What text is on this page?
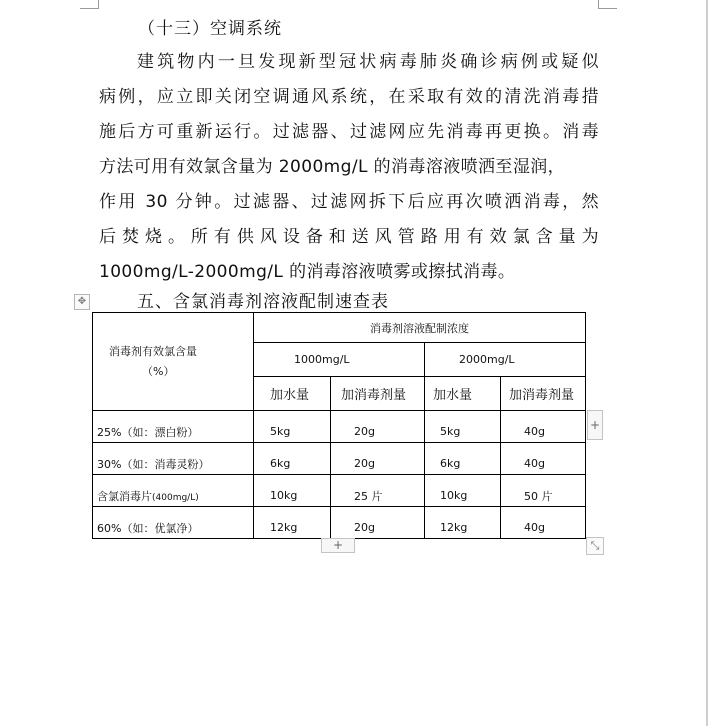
（十三）空调系统
建筑物内一旦发现新型冠状病毒肺炎确诊病例或疑似
病例，应立即关闭空调通风系统，在采取有效的清洗消毒措
施后方可重新运行。过滤器、过滤网应先消毒再更换。消毒
方法可用有效氯含量为 2000mg/L 的消毒溶液喷洒至湿润，
作用 30 分钟。过滤器、过滤网拆下后应再次喷洒消毒，然
后焚烧。所有供风设备和送风管路用有效氯含量为
1000mg/L-2000mg/L 的消毒溶液喷雾或擦拭消毒。
✥	五、含氯消毒剂溶液配制速查表
消毒剂有效氯含量
（%）	消毒剂溶液配制浓度			
	1000mg/L		2000mg/L	
	加水量	加消毒剂量	加水量	加消毒剂量
25%（如：漂白粉）	5kg	20g	5kg	40g
30%（如：消毒灵粉）	6kg	20g	6kg	40g
含氯消毒片(400mg/L)	10kg	25 片	10kg	50 片
60%（如：优氯净）	12kg	20g	12kg	40g
+
+	⤡
